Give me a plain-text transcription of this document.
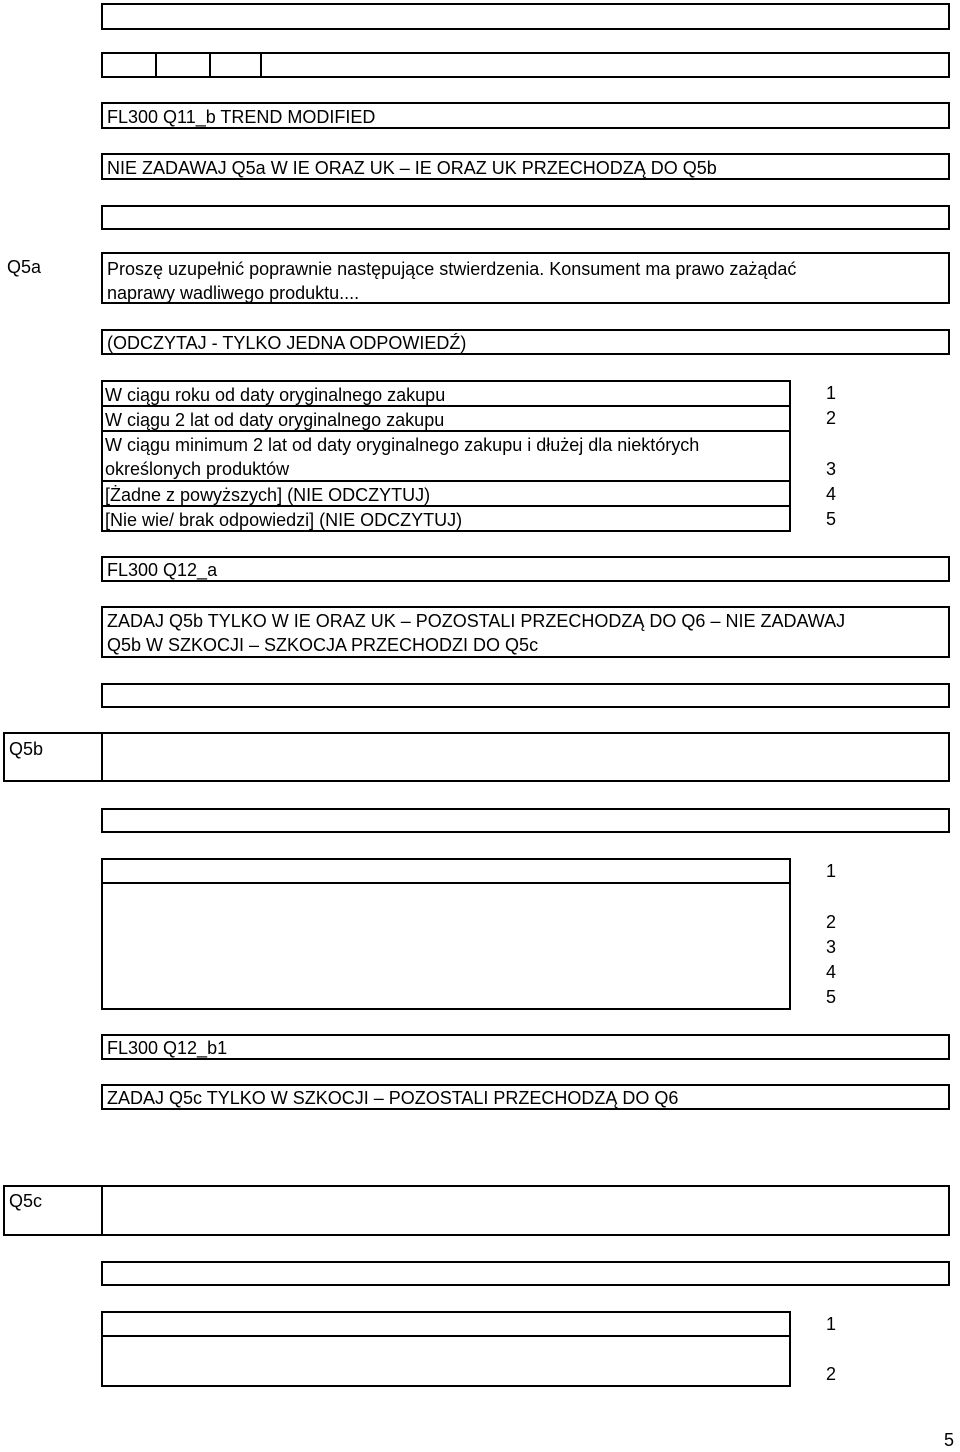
FL300 Q11_b TREND MODIFIED
NIE ZADAWAJ Q5a W IE ORAZ UK – IE ORAZ UK PRZECHODZĄ DO Q5b
Q5a	Proszę uzupełnić poprawnie następujące stwierdzenia. Konsument ma prawo zażądać
naprawy wadliwego produktu....
(ODCZYTAJ - TYLKO JEDNA ODPOWIEDŹ)
W ciągu roku od daty oryginalnego zakupu
W ciągu 2 lat od daty oryginalnego zakupu
W ciągu minimum 2 lat od daty oryginalnego zakupu i dłużej dla niektórych
określonych produktów
[Żadne z powyższych] (NIE ODCZYTUJ)
[Nie wie/ brak odpowiedzi] (NIE ODCZYTUJ)
1
2
3
4
5
FL300 Q12_a
ZADAJ Q5b TYLKO W IE ORAZ UK – POZOSTALI PRZECHODZĄ DO Q6 – NIE ZADAWAJ
Q5b W SZKOCJI – SZKOCJA PRZECHODZI DO Q5c
Q5b
1
2
3
4
5
FL300 Q12_b1
ZADAJ Q5c TYLKO W SZKOCJI – POZOSTALI PRZECHODZĄ DO Q6
Q5c
1
2
5
